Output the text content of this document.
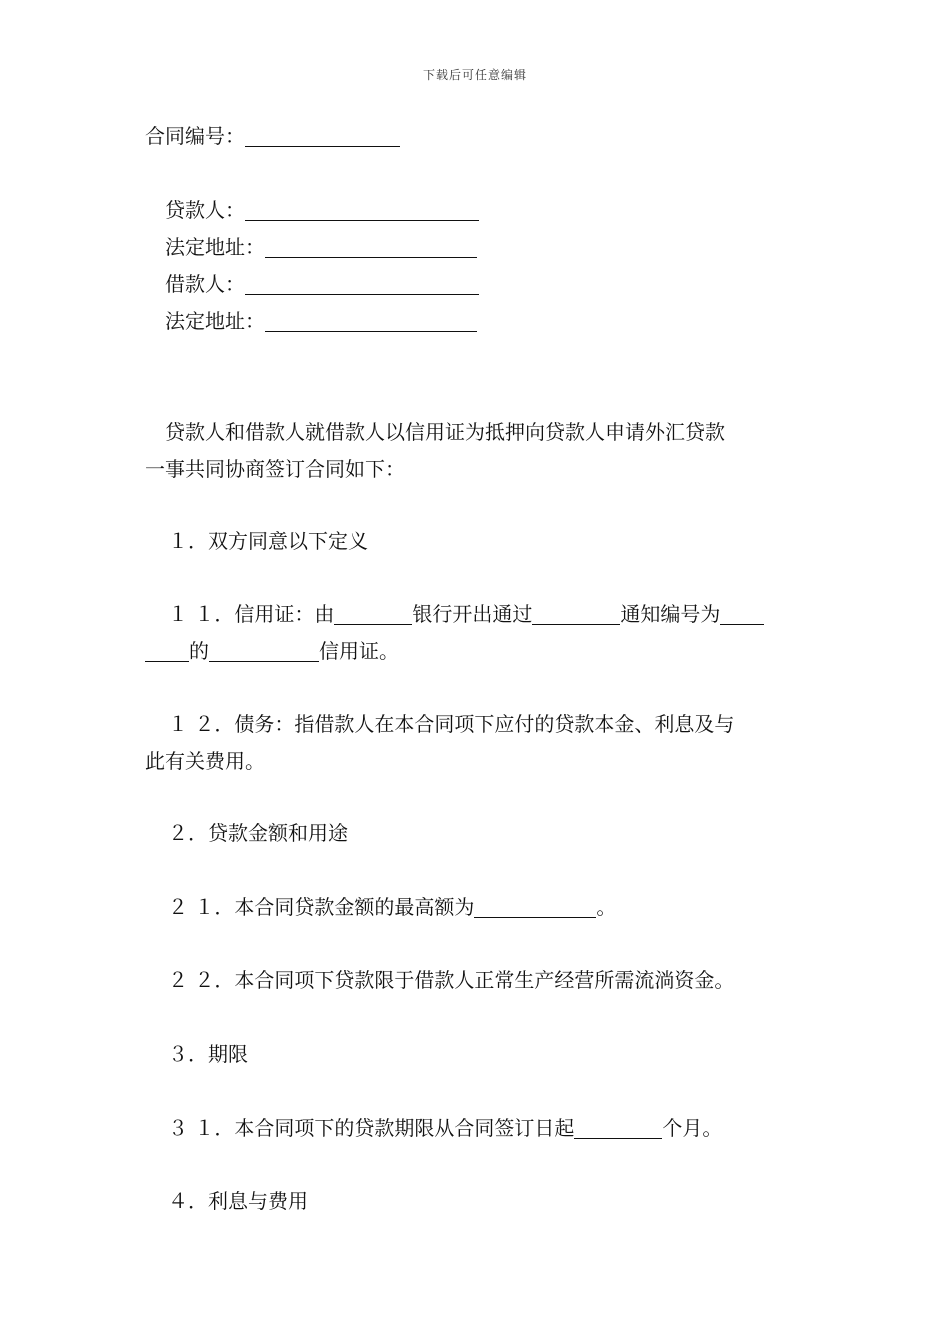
下载后可任意编辑
合同编号：
贷款人：
法定地址：
借款人：
法定地址：
贷款人和借款人就借款人以信用证为抵押向贷款人申请外汇贷款
一事共同协商签订合同如下：
１．双方同意以下定义
１ １．信用证：由	银行开出通过	通知编号为
的	信用证。
１ ２．债务：指借款人在本合同项下应付的贷款本金、利息及与
此有关费用。
２．贷款金额和用途
２ １．本合同贷款金额的最高额为	。
２ ２．本合同项下贷款限于借款人正常生产经营所需流淌资金。
３．期限
３ １．本合同项下的贷款期限从合同签订日起	个月。
４．利息与费用
